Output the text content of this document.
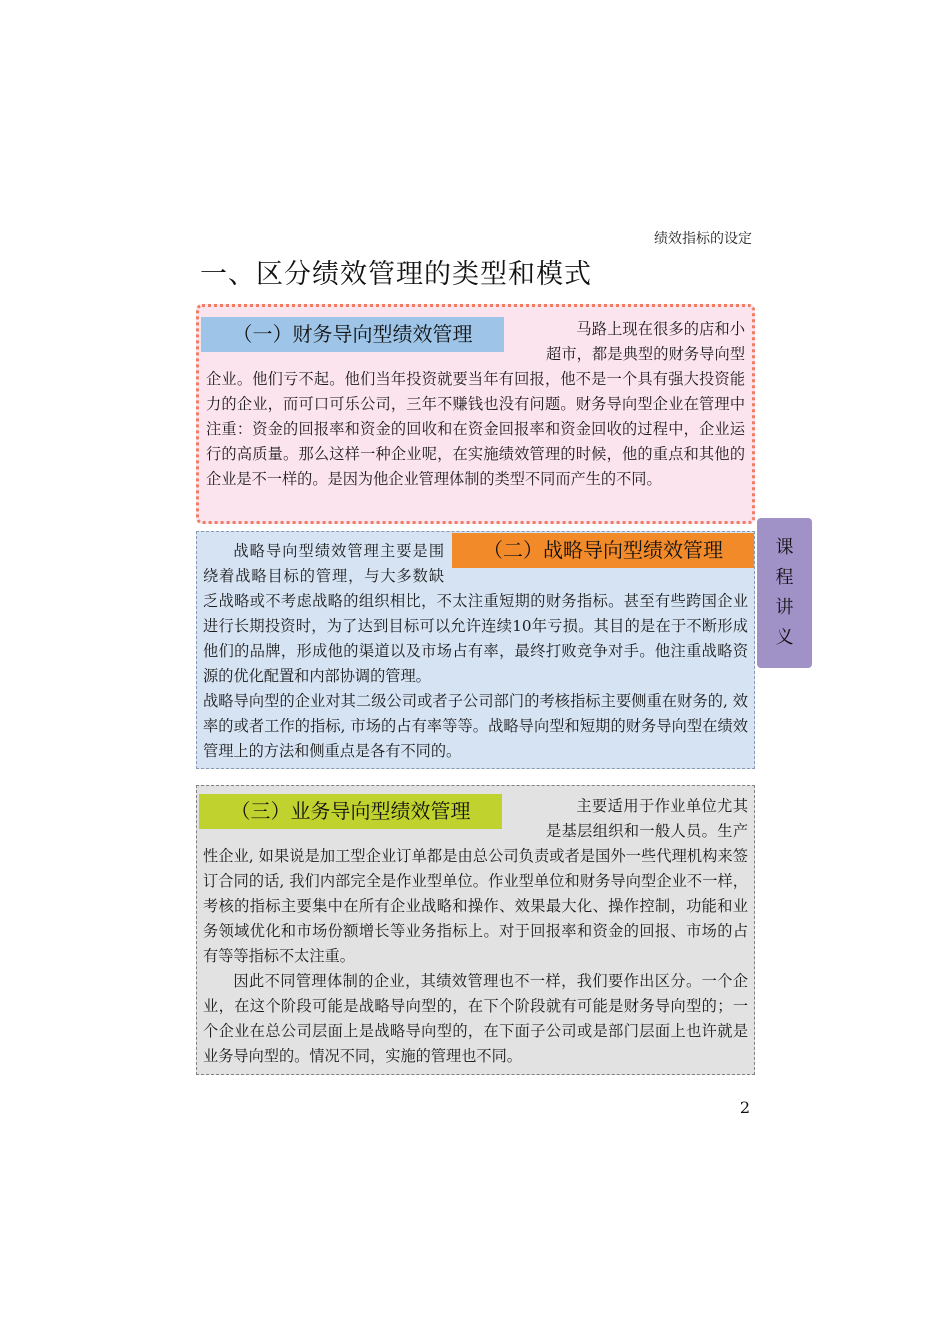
绩效指标的设定
一、区分绩效管理的类型和模式
（一）财务导向型绩效管理	马路上现在很多的店和小超市，都是典型的财务导向型企业。他们亏不起。他们当年投资就要当年有回报，他不是一个具有强大投资能力的企业，而可口可乐公司，三年不赚钱也没有问题。财务导向型企业在管理中注重：资金的回报率和资金的回收和在资金回报率和资金回收的过程中，企业运行的高质量。那么这样一种企业呢，在实施绩效管理的时候，他的重点和其他的企业是不一样的。是因为他企业管理体制的类型不同而产生的不同。

（二）战略导向型绩效管理

战略导向型绩效管理主要是围绕着战略目标的管理，与大多数缺乏战略或不考虑战略的组织相比，不太注重短期的财务指标。甚至有些跨国企业进行长期投资时，为了达到目标可以允许连续10年亏损。其目的是在于不断形成他们的品牌，形成他的渠道以及市场占有率，最终打败竞争对手。他注重战略资源的优化配置和内部协调的管理。

战略导向型的企业对其二级公司或者子公司部门的考核指标主要侧重在财务的, 效率的或者工作的指标, 市场的占有率等等。战略导向型和短期的财务导向型在绩效管理上的方法和侧重点是各有不同的。

（三）业务导向型绩效管理	主要适用于作业单位尤其是基层组织和一般人员。生产性企业, 如果说是加工型企业订单都是由总公司负责或者是国外一些代理机构来签订合同的话, 我们内部完全是作业型单位。作业型单位和财务导向型企业不一样，考核的指标主要集中在所有企业战略和操作、效果最大化、操作控制，功能和业务领域优化和市场份额增长等业务指标上。对于回报率和资金的回报、市场的占有等等指标不太注重。

因此不同管理体制的企业，其绩效管理也不一样，我们要作出区分。一个企业，在这个阶段可能是战略导向型的，在下个阶段就有可能是财务导向型的；一个企业在总公司层面上是战略导向型的，在下面子公司或是部门层面上也许就是业务导向型的。情况不同，实施的管理也不同。

课
程
讲
义
2
